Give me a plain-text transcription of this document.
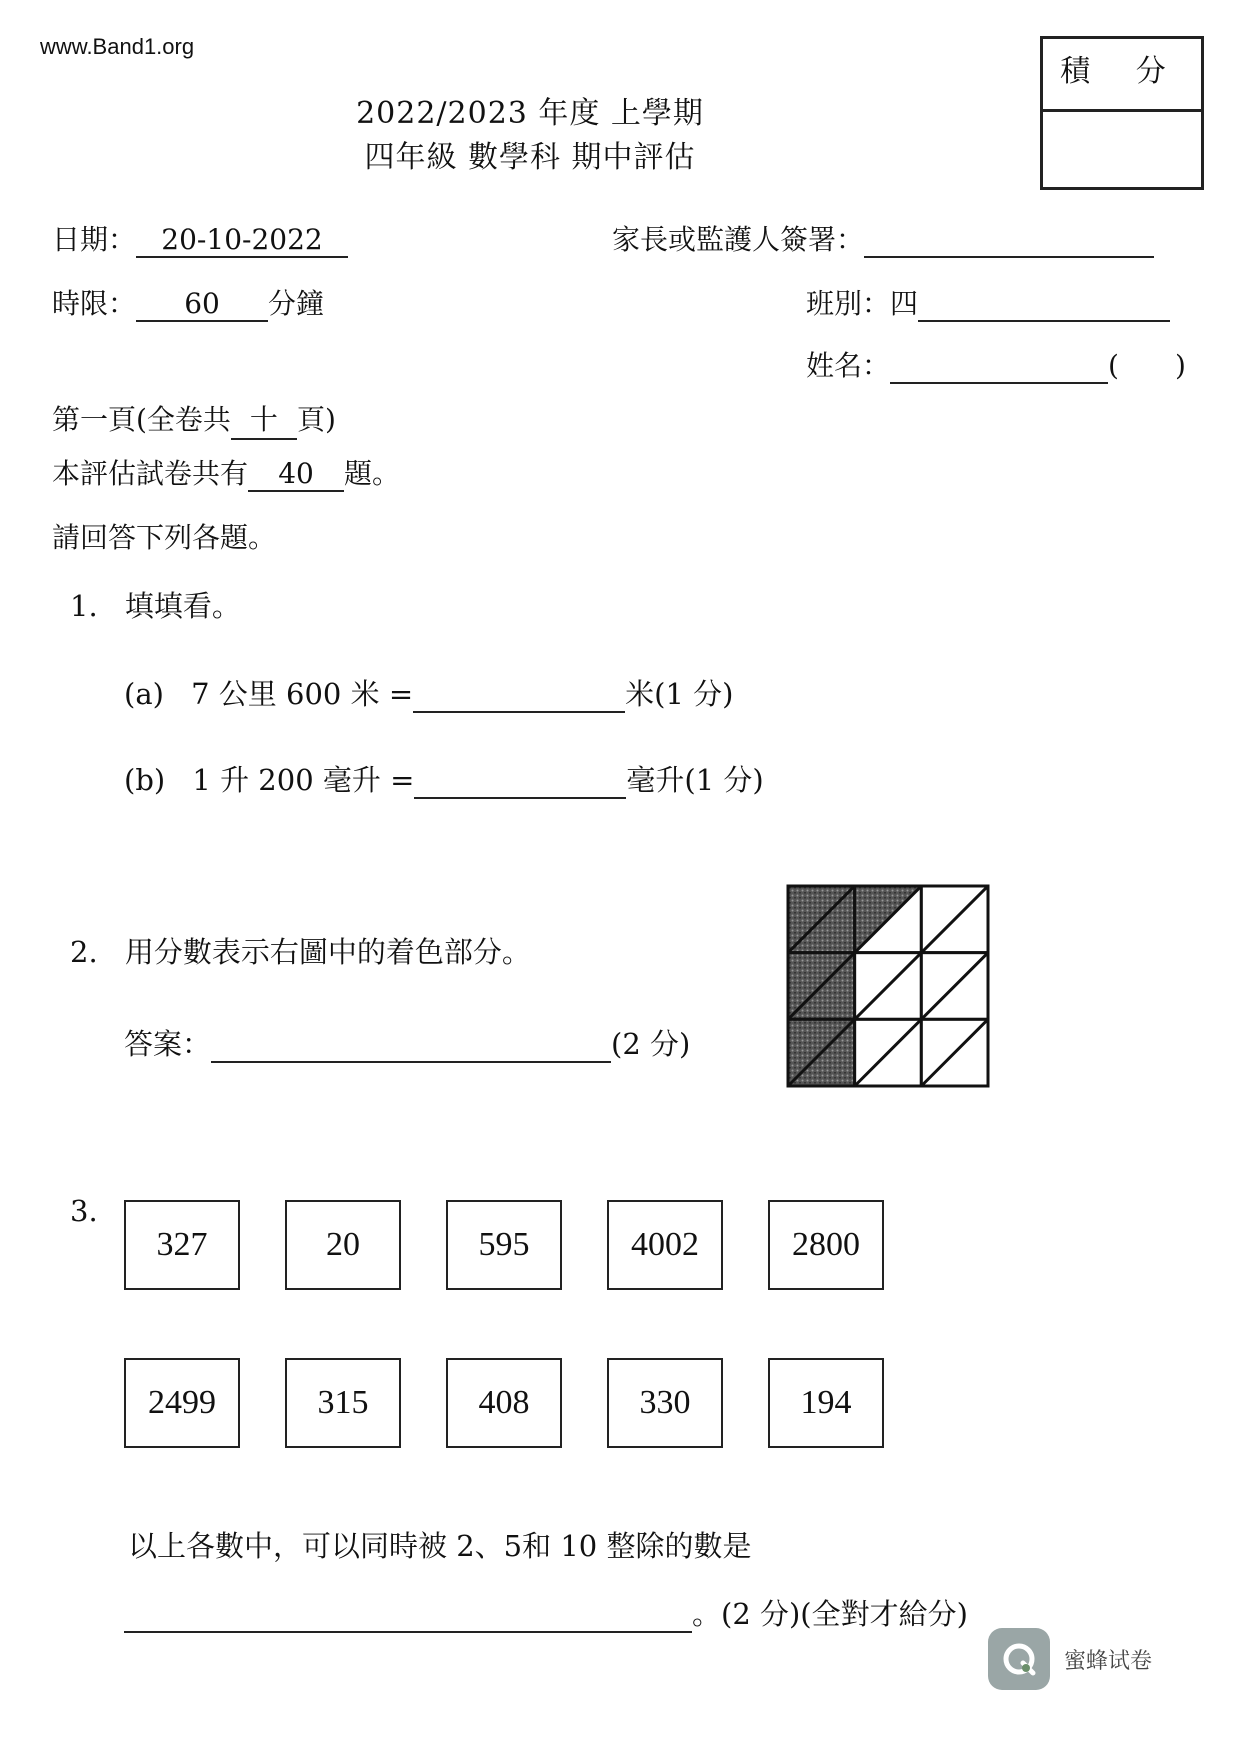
www.Band1.org
2022/2023 年度 上學期
四年級 數學科 期中評估
積 分
日期： 20-10-2022	家長或監護人簽署：
時限： 60 分鐘	班別：四
姓名：	(　　)
第一頁(全卷共 十 頁)
本評估試卷共有 40 題。
請回答下列各題。
1. 填填看。
(a) 7 公里 600 米 =	米(1 分)
(b) 1 升 200 毫升 =	毫升(1 分)
2. 用分數表示右圖中的着色部分。
答案：	(2 分)
3.
327	20	595	4002	2800
2499	315	408	330	194
以上各數中，可以同時被 2、5和 10 整除的數是
。(2 分)(全對才給分)
蜜蜂试卷
